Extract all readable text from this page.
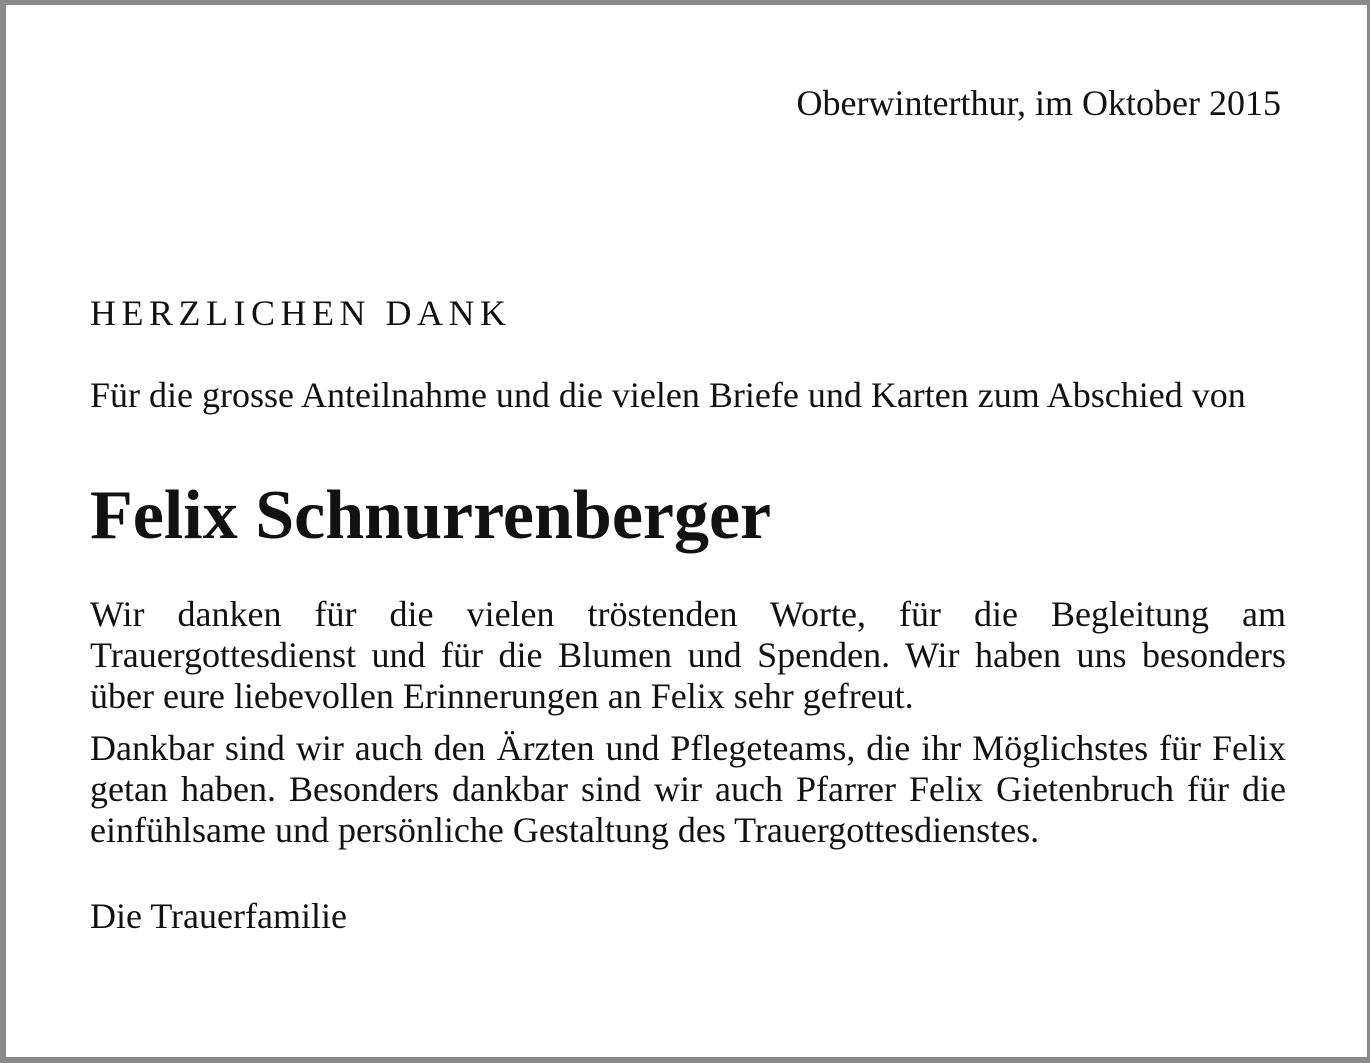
Oberwinterthur, im Oktober 2015

HERZLICHEN DANK

Für die grosse Anteilnahme und die vielen Briefe und Karten zum Abschied von

Felix Schnurrenberger

Wir danken für die vielen tröstenden Worte, für die Begleitung am Trauergottesdienst und für die Blumen und Spenden. Wir haben uns besonders über eure liebevollen Erinnerungen an Felix sehr gefreut.

Dankbar sind wir auch den Ärzten und Pflegeteams, die ihr Möglichstes für Felix getan haben. Besonders dankbar sind wir auch Pfarrer Felix Gietenbruch für die einfühlsame und persönliche Gestaltung des Trauergottesdienstes.

Die Trauerfamilie
